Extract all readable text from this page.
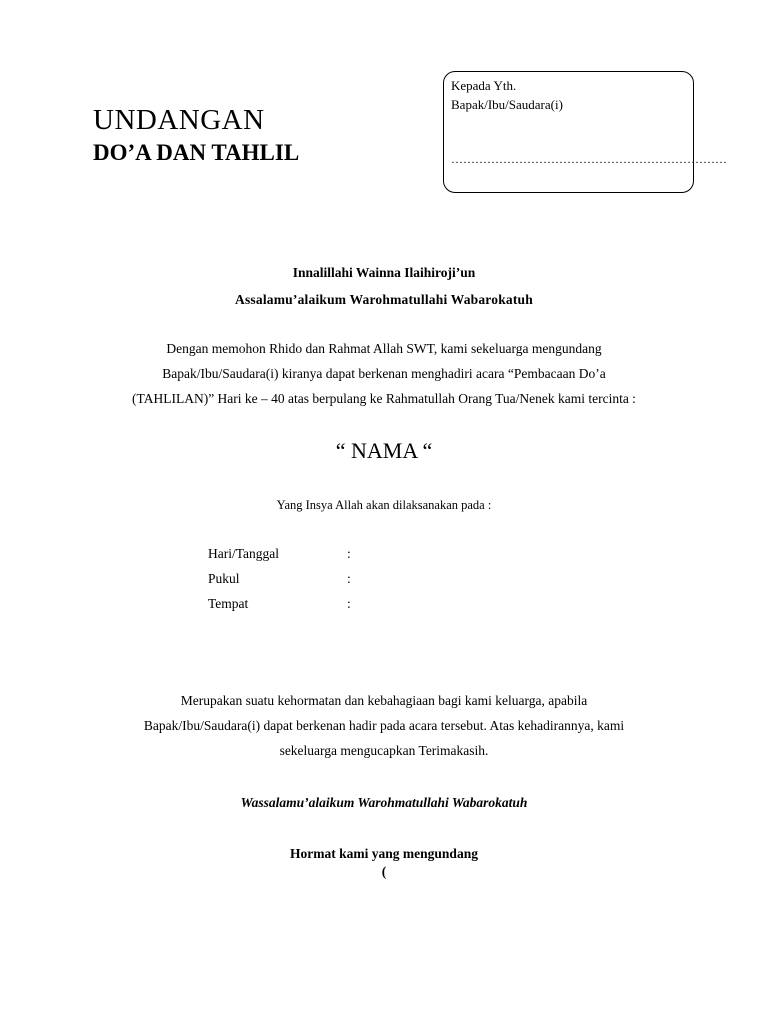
UNDANGAN
DO’A DAN TAHLIL
Kepada Yth.
Bapak/Ibu/Saudara(i)
……………………………………………………………
Innalillahi Wainna Ilaihiroji’un
Assalamu’alaikum Warohmatullahi Wabarokatuh
Dengan memohon Rhido dan Rahmat Allah SWT, kami sekeluarga mengundang
Bapak/Ibu/Saudara(i) kiranya dapat berkenan menghadiri acara “Pembacaan Do’a
(TAHLILAN)” Hari ke – 40 atas berpulang ke Rahmatullah Orang Tua/Nenek kami tercinta :
“ NAMA “
Yang Insya Allah akan dilaksanakan pada :
Hari/Tanggal	:
Pukul	:
Tempat	:
Merupakan suatu kehormatan dan kebahagiaan bagi kami keluarga, apabila
Bapak/Ibu/Saudara(i) dapat berkenan hadir pada acara tersebut. Atas kehadirannya, kami
sekeluarga mengucapkan Terimakasih.
Wassalamu’alaikum Warohmatullahi Wabarokatuh
Hormat kami yang mengundang
(
